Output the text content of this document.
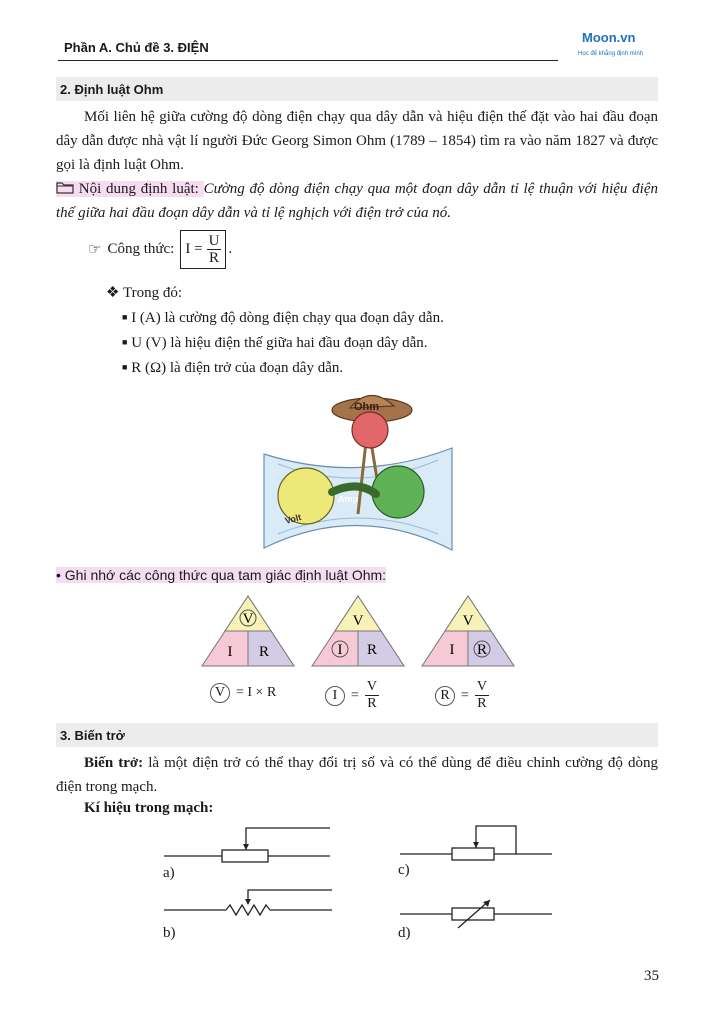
Phần A. Chủ đề 3. ĐIỆN
Moon.vn
Học để khẳng định mình
2. Định luật Ohm
Mối liên hệ giữa cường độ dòng điện chạy qua dây dẫn và hiệu điện thế đặt vào hai đầu đoạn dây dẫn được nhà vật lí người Đức Georg Simon Ohm (1789 – 1854) tìm ra vào năm 1827 và được gọi là định luật Ohm.
Nội dung định luật: Cường độ dòng điện chạy qua một đoạn dây dẫn tỉ lệ thuận với hiệu điện thế giữa hai đầu đoạn dây dẫn và tỉ lệ nghịch với điện trở của nó.
☞ Công thức: $I = \frac{U}{R}$ .
❖ Trong đó:
■ I (A) là cường độ dòng điện chạy qua đoạn dây dẫn.
■ U (V) là hiệu điện thế giữa hai đầu đoạn dây dẫn.
■ R (Ω) là điện trở của đoạn dây dẫn.
Ohm
Volt
Amp
• Ghi nhớ các công thức qua tam giác định luật Ohm:
V
I R
V
I R
V
I R
V = I × R	$I = \frac{V}{R}$	$R = \frac{V}{R}$
3. Biến trở
Biến trở: là một điện trở có thể thay đổi trị số và có thể dùng để điều chỉnh cường độ dòng điện trong mạch.
Kí hiệu trong mạch:
a)
b)
c)
d)
35
